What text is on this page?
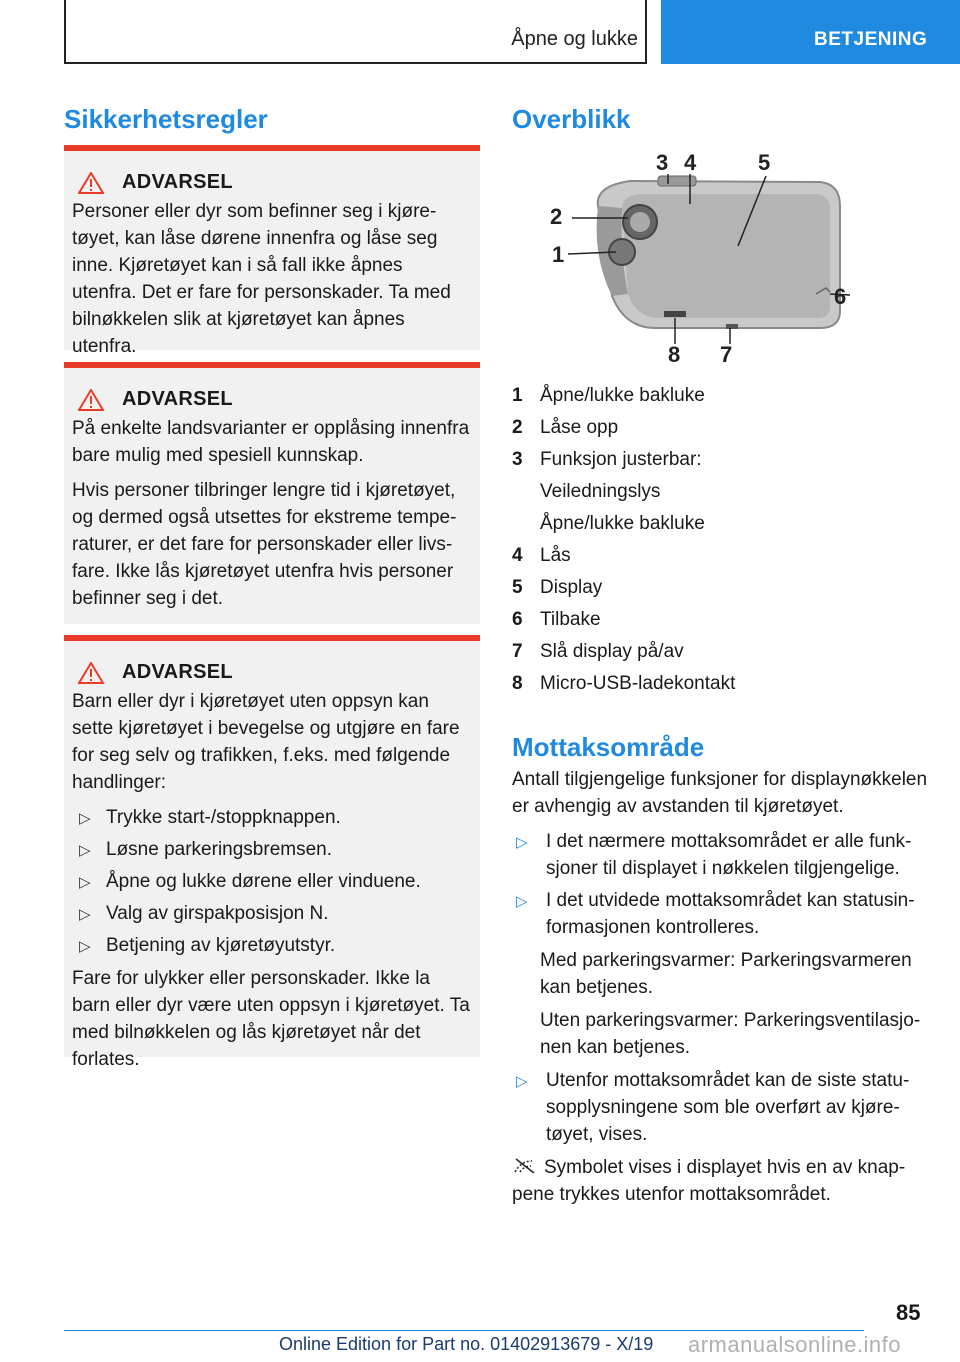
Åpne og lukke	BETJENING
Sikkerhetsregler
ADVARSEL

Personer eller dyr som befinner seg i kjøretøyet, kan låse dørene innenfra og låse seg inne. Kjøretøyet kan i så fall ikke åpnes utenfra. Det er fare for personskader. Ta med bilnøkkelen slik at kjøretøyet kan åpnes utenfra.

ADVARSEL

På enkelte landsvarianter er opplåsing innenfra bare mulig med spesiell kunnskap.

Hvis personer tilbringer lengre tid i kjøretøyet, og dermed også utsettes for ekstreme temperaturer, er det fare for personskader eller livsfare. Ikke lås kjøretøyet utenfra hvis personer befinner seg i det.

ADVARSEL

Barn eller dyr i kjøretøyet uten oppsyn kan sette kjøretøyet i bevegelse og utgjøre en fare for seg selv og trafikken, f.eks. med følgende handlinger:

▷ Trykke start-/stoppknappen.
▷ Løsne parkeringsbremsen.
▷ Åpne og lukke dørene eller vinduene.
▷ Valg av girspakposisjon N.
▷ Betjening av kjøretøyutstyr.

Fare for ulykker eller personskader. Ikke la barn eller dyr være uten oppsyn i kjøretøyet. Ta med bilnøkkelen og lås kjøretøyet når det forlates.

Overblikk
1
2
3 4	5
6
7
8
1 Åpne/lukke bakluke
2 Låse opp
3 Funksjon justerbar:
Veiledningslys
Åpne/lukke bakluke
4 Lås
5 Display
6 Tilbake
7 Slå display på/av
8 Micro-USB-ladekontakt
Mottaksområde

Antall tilgjengelige funksjoner for displaynøkkelen er avhengig av avstanden til kjøretøyet.

▷ I det nærmere mottaksområdet er alle funksjoner til displayet i nøkkelen tilgjengelige.
▷ I det utvidede mottaksområdet kan statusinformasjonen kontrolleres.
Med parkeringsvarmer: Parkeringsvarmeren kan betjenes.
Uten parkeringsvarmer: Parkeringsventilasjonen kan betjenes.
▷ Utenfor mottaksområdet kan de siste statusopplysningene som ble overført av kjøretøyet, vises.
Symbolet vises i displayet hvis en av knappene trykkes utenfor mottaksområdet.
85
Online Edition for Part no. 01402913679 - X/19 armanualsonline.info
